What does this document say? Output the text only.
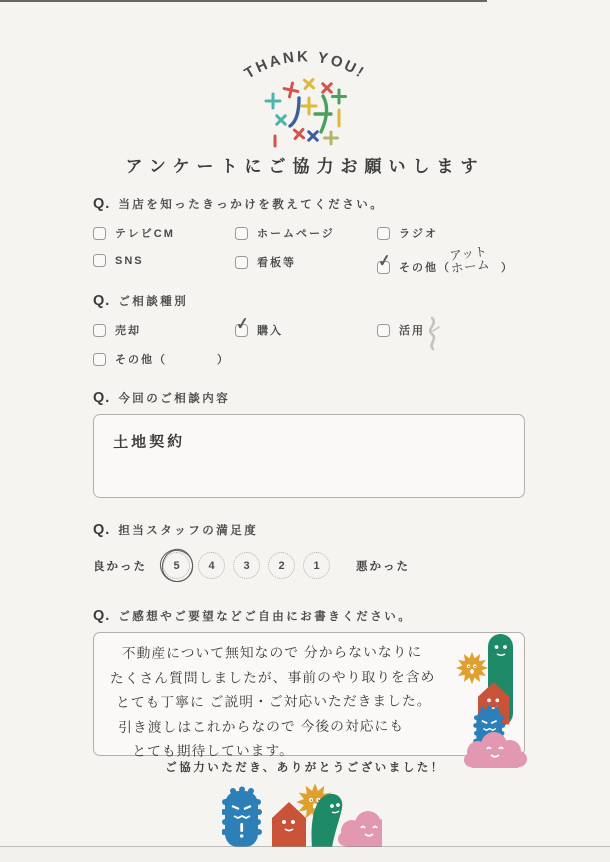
THANK YOU!
アンケートにご協力お願いします
Q. 当店を知ったきっかけを教えてください。
テレビCM	ホームページ	ラジオ
SNS	看板等	✓ その他（
アットホーム ）
Q. ご相談種別
売却	✓ 購入	活用
その他（	）
Q. 今回のご相談内容
土地契約
Q. 担当スタッフの満足度
良かった 5	4	3	2	1	悪かった
Q. ご感想やご要望などご自由にお書きください。
不動産について無知なので 分からないなりに
たくさん質問しましたが、事前のやり取りを含め
とても丁寧に ご説明・ご対応いただきました。
引き渡しはこれからなので 今後の対応にも
とても期待しています。
ご協力いただき、ありがとうございました！
